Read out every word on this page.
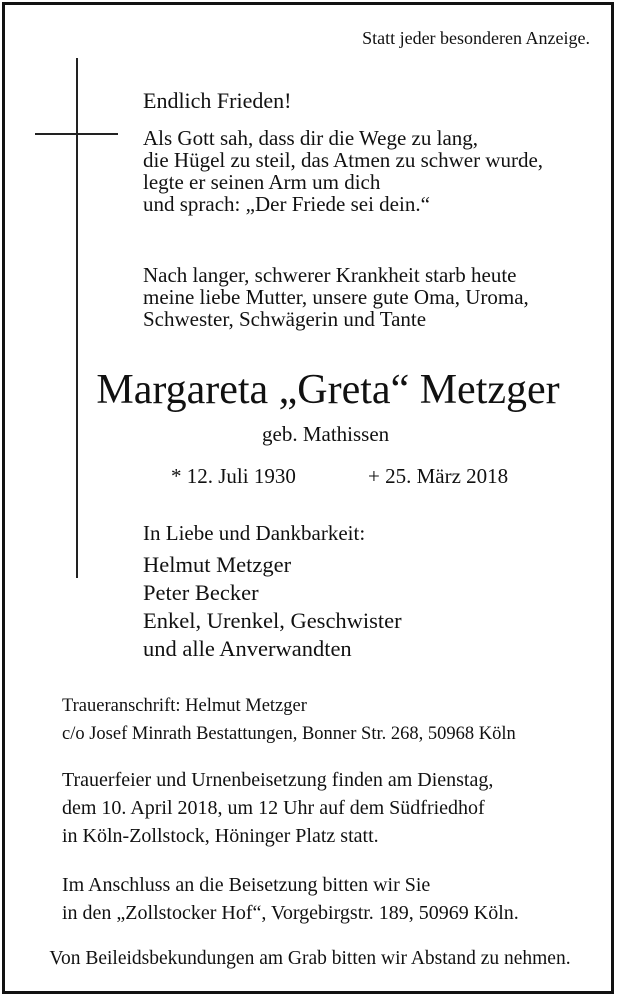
Statt jeder besonderen Anzeige.
Endlich Frieden!
Als Gott sah, dass dir die Wege zu lang,
die Hügel zu steil, das Atmen zu schwer wurde,
legte er seinen Arm um dich
und sprach: „Der Friede sei dein.“
Nach langer, schwerer Krankheit starb heute
meine liebe Mutter, unsere gute Oma, Uroma,
Schwester, Schwägerin und Tante
Margareta „Greta“ Metzger
geb. Mathissen
* 12. Juli 1930	+ 25. März 2018
In Liebe und Dankbarkeit:
Helmut Metzger
Peter Becker
Enkel, Urenkel, Geschwister
und alle Anverwandten
Traueranschrift: Helmut Metzger
c/o Josef Minrath Bestattungen, Bonner Str. 268, 50968 Köln
Trauerfeier und Urnenbeisetzung finden am Dienstag,
dem 10. April 2018, um 12 Uhr auf dem Südfriedhof
in Köln-Zollstock, Höninger Platz statt.
Im Anschluss an die Beisetzung bitten wir Sie
in den „Zollstocker Hof“, Vorgebirgstr. 189, 50969 Köln.
Von Beileidsbekundungen am Grab bitten wir Abstand zu nehmen.
